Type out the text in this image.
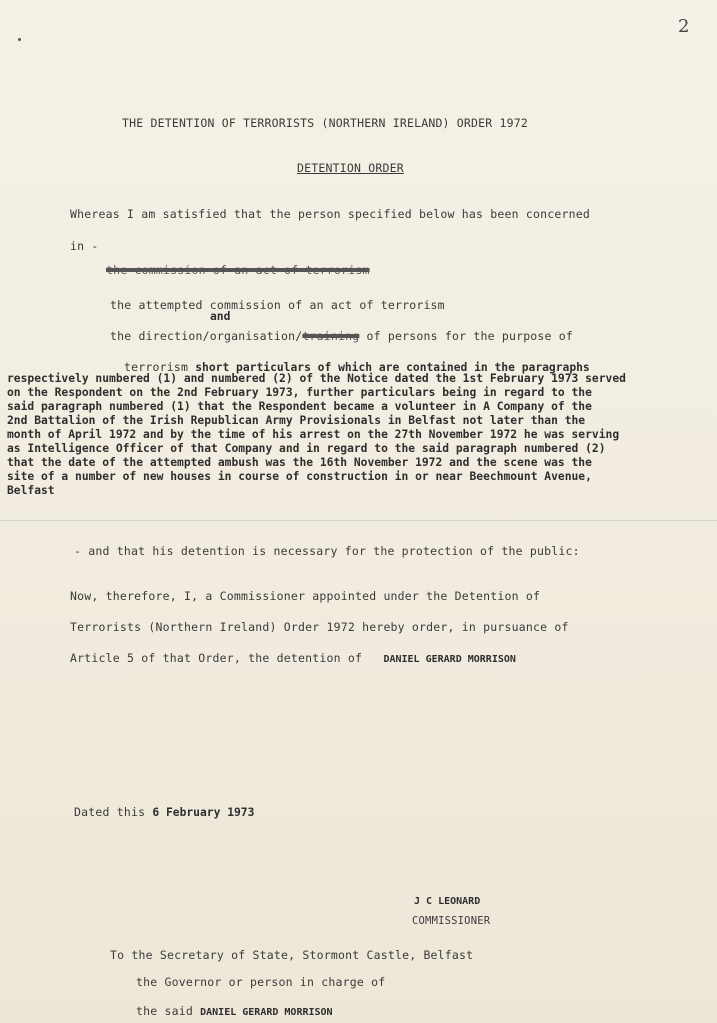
2
THE DETENTION OF TERRORISTS (NORTHERN IRELAND) ORDER 1972
DETENTION ORDER
Whereas I am satisfied that the person specified below has been concerned
in -
the commission of an act of terrorism
the attempted commission of an act of terrorism
and
the direction/organisation/training of persons for the purpose of
terrorism short particulars of which are contained in the paragraphs
respectively numbered (1) and numbered (2) of the Notice dated the 1st February 1973 served
on the Respondent on the 2nd February 1973, further particulars being in regard to the
said paragraph numbered (1) that the Respondent became a volunteer in A Company of the
2nd Battalion of the Irish Republican Army Provisionals in Belfast not later than the
month of April 1972 and by the time of his arrest on the 27th November 1972 he was serving
as Intelligence Officer of that Company and in regard to the said paragraph numbered (2)
that the date of the attempted ambush was the 16th November 1972 and the scene was the
site of a number of new houses in course of construction in or near Beechmount Avenue,
Belfast
- and that his detention is necessary for the protection of the public:
Now, therefore, I, a Commissioner appointed under the Detention of
Terrorists (Northern Ireland) Order 1972 hereby order, in pursuance of
Article 5 of that Order, the detention of DANIEL GERARD MORRISON
Dated this 6 February 1973
J C LEONARD
COMMISSIONER
To the Secretary of State, Stormont Castle, Belfast
the Governor or person in charge of
the said DANIEL GERARD MORRISON
